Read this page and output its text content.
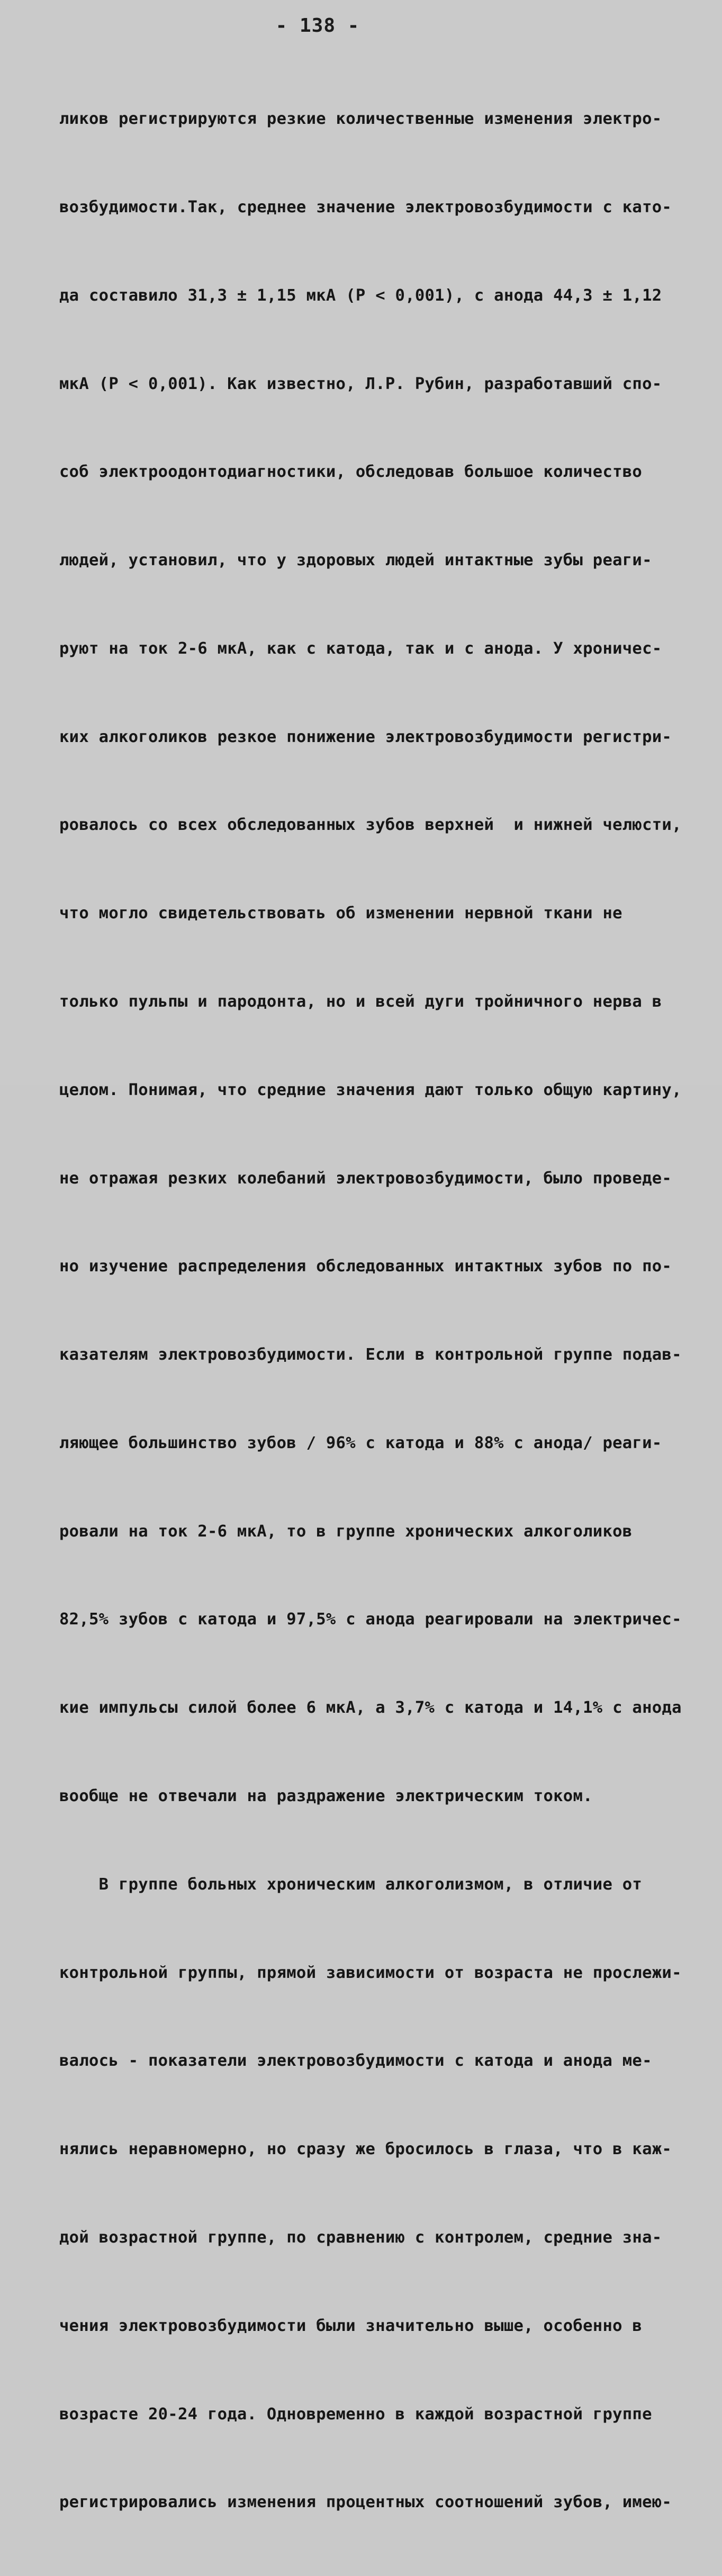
- 138 -

ликов регистрируются резкие количественные изменения электро-

возбудимости.Так, среднее значение электровозбудимости с като-

да составило 31,3 ± 1,15 мкА (P < 0,001), с анода 44,3 ± 1,12

мкА (P < 0,001). Как известно, Л.Р. Рубин, разработавший спо-

соб электроодонтодиагностики, обследовав большое количество

людей, установил, что у здоровых людей интактные зубы реаги-

руют на ток 2-6 мкА, как с катода, так и с анода. У хроничес-

ких алкоголиков резкое понижение электровозбудимости регистри-

ровалось со всех обследованных зубов верхней  и нижней челюсти,

что могло свидетельствовать об изменении нервной ткани не

только пульпы и пародонта, но и всей дуги тройничного нерва в

целом. Понимая, что средние значения дают только общую картину,

не отражая резких колебаний электровозбудимости, было проведе-

но изучение распределения обследованных интактных зубов по по-

казателям электровозбудимости. Если в контрольной группе подав-

ляющее большинство зубов / 96% с катода и 88% с анода/ реаги-

ровали на ток 2-6 мкА, то в группе хронических алкоголиков

82,5% зубов с катода и 97,5% с анода реагировали на электричес-

кие импульсы силой более 6 мкА, а 3,7% с катода и 14,1% с анода

вообще не отвечали на раздражение электрическим током.

В группе больных хроническим алкоголизмом, в отличие от

контрольной группы, прямой зависимости от возраста не прослежи-

валось - показатели электровозбудимости с катода и анода ме-

нялись неравномерно, но сразу же бросилось в глаза, что в каж-

дой возрастной группе, по сравнению с контролем, средние зна-

чения электровозбудимости были значительно выше, особенно в

возрасте 20-24 года. Одновременно в каждой возрастной группе

регистрировались изменения процентных соотношений зубов, имею-
